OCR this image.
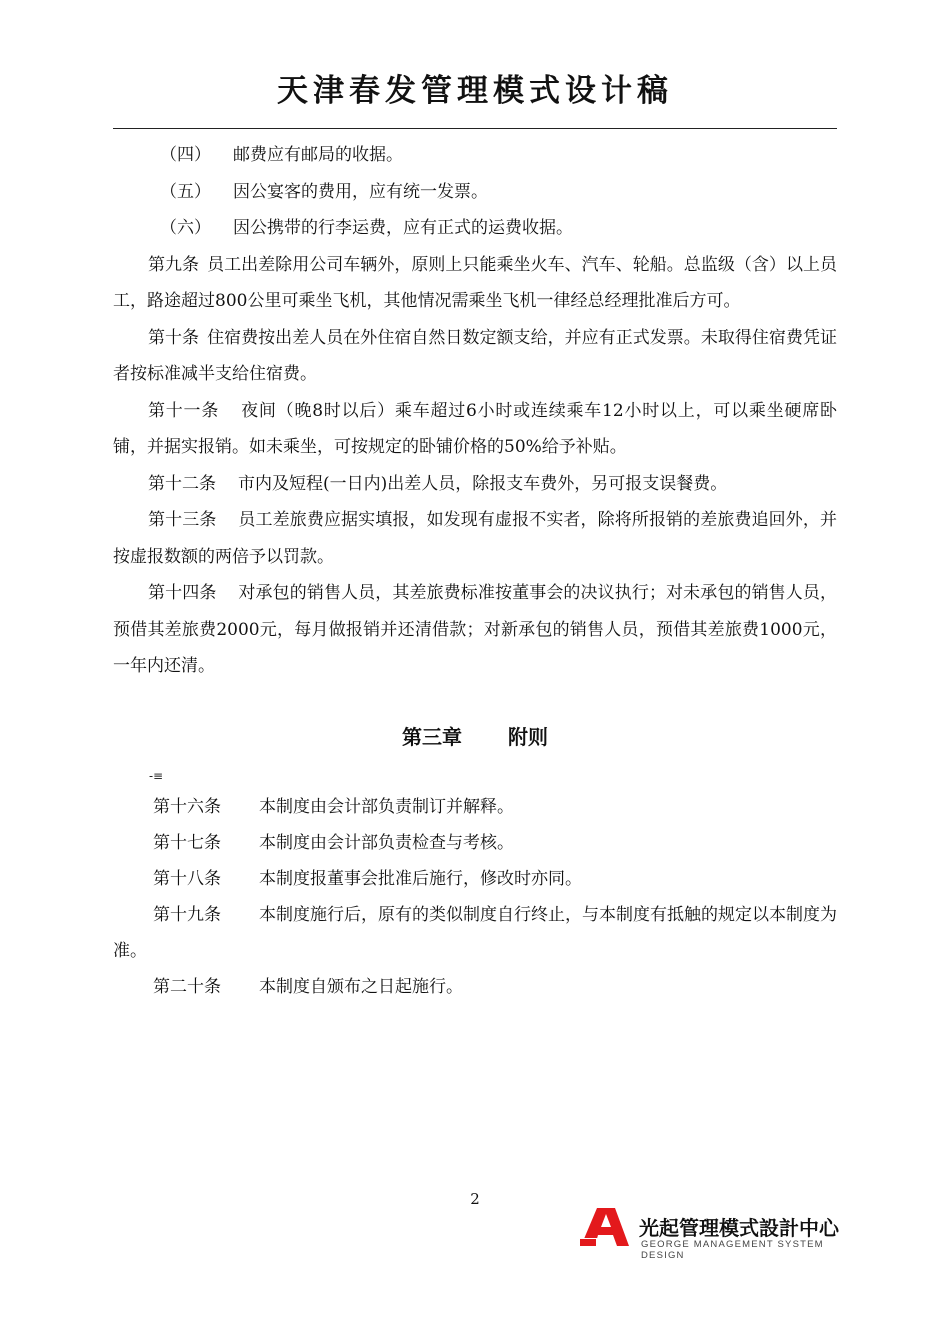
天津春发管理模式设计稿

（四） 邮费应有邮局的收据。

（五） 因公宴客的费用，应有统一发票。

（六） 因公携带的行李运费，应有正式的运费收据。

第九条 员工出差除用公司车辆外，原则上只能乘坐火车、汽车、轮船。总监级（含）以上员工，路途超过800公里可乘坐飞机，其他情况需乘坐飞机一律经总经理批准后方可。

第十条 住宿费按出差人员在外住宿自然日数定额支给，并应有正式发票。未取得住宿费凭证者按标准减半支给住宿费。

第十一条 夜间（晚8时以后）乘车超过6小时或连续乘车12小时以上，可以乘坐硬席卧铺，并据实报销。如未乘坐，可按规定的卧铺价格的50%给予补贴。

第十二条 市内及短程(一日内)出差人员，除报支车费外，另可报支误餐费。

第十三条 员工差旅费应据实填报，如发现有虚报不实者，除将所报销的差旅费追回外，并按虚报数额的两倍予以罚款。

第十四条 对承包的销售人员，其差旅费标准按董事会的决议执行；对未承包的销售人员，预借其差旅费2000元，每月做报销并还清借款；对新承包的销售人员，预借其差旅费1000元，一年内还清。

第三章 附则
-≡

第十六条 本制度由会计部负责制订并解释。

第十七条 本制度由会计部负责检查与考核。

第十八条 本制度报董事会批准后施行，修改时亦同。

第十九条 本制度施行后，原有的类似制度自行终止，与本制度有抵触的规定以本制度为准。

第二十条 本制度自颁布之日起施行。

2
光起管理模式設計中心
GEORGE MANAGEMENT SYSTEM DESIGN
